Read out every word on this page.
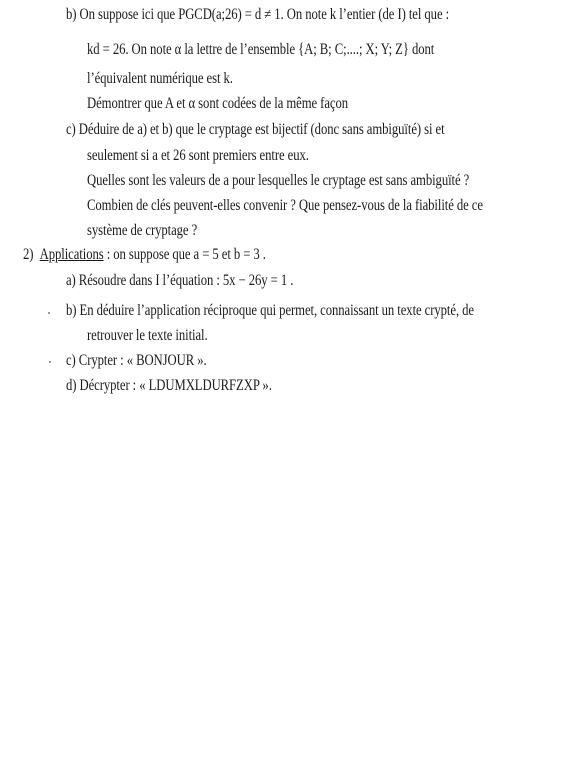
b) On suppose ici que PGCD(a;26) = d ≠ 1. On note k l’entier (de I) tel que :
kd = 26. On note α la lettre de l’ensemble {A; B; C;....; X; Y; Z} dont
l’équivalent numérique est k.
Démontrer que A et α sont codées de la même façon
c) Déduire de a) et b) que le cryptage est bijectif (donc sans ambiguïté) si et
seulement si a et 26 sont premiers entre eux.
Quelles sont les valeurs de a pour lesquelles le cryptage est sans ambiguïté ?
Combien de clés peuvent-elles convenir ? Que pensez-vous de la fiabilité de ce
système de cryptage ?
2) Applications : on suppose que a = 5 et b = 3 .
a) Résoudre dans I l’équation : 5x − 26y = 1 .
b) En déduire l’application réciproque qui permet, connaissant un texte crypté, de
retrouver le texte initial.
c) Crypter : « BONJOUR ».
d) Décrypter : « LDUMXLDURFZXP ».
